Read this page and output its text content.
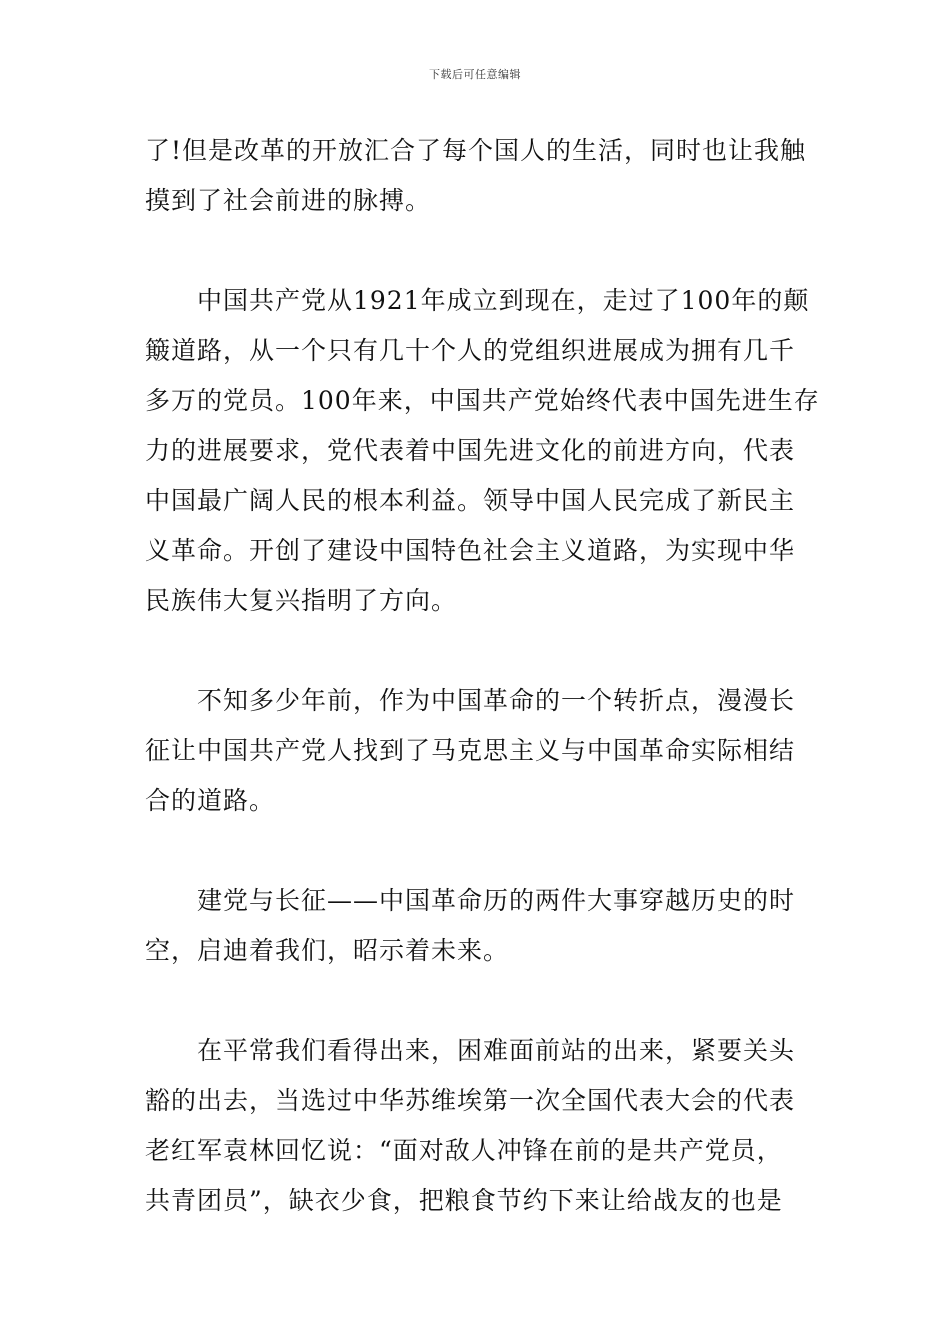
下载后可任意编辑
了!但是改革的开放汇合了每个国人的生活，同时也让我触
摸到了社会前进的脉搏。
中国共产党从1921年成立到现在，走过了100年的颠
簸道路，从一个只有几十个人的党组织进展成为拥有几千
多万的党员。100年来，中国共产党始终代表中国先进生存
力的进展要求，党代表着中国先进文化的前进方向，代表
中国最广阔人民的根本利益。领导中国人民完成了新民主
义革命。开创了建设中国特色社会主义道路，为实现中华
民族伟大复兴指明了方向。
不知多少年前，作为中国革命的一个转折点，漫漫长
征让中国共产党人找到了马克思主义与中国革命实际相结
合的道路。
建党与长征——中国革命历的两件大事穿越历史的时
空，启迪着我们，昭示着未来。
在平常我们看得出来，困难面前站的出来，紧要关头
豁的出去，当选过中华苏维埃第一次全国代表大会的代表
老红军袁林回忆说：“面对敌人冲锋在前的是共产党员，
共青团员”，缺衣少食，把粮食节约下来让给战友的也是
